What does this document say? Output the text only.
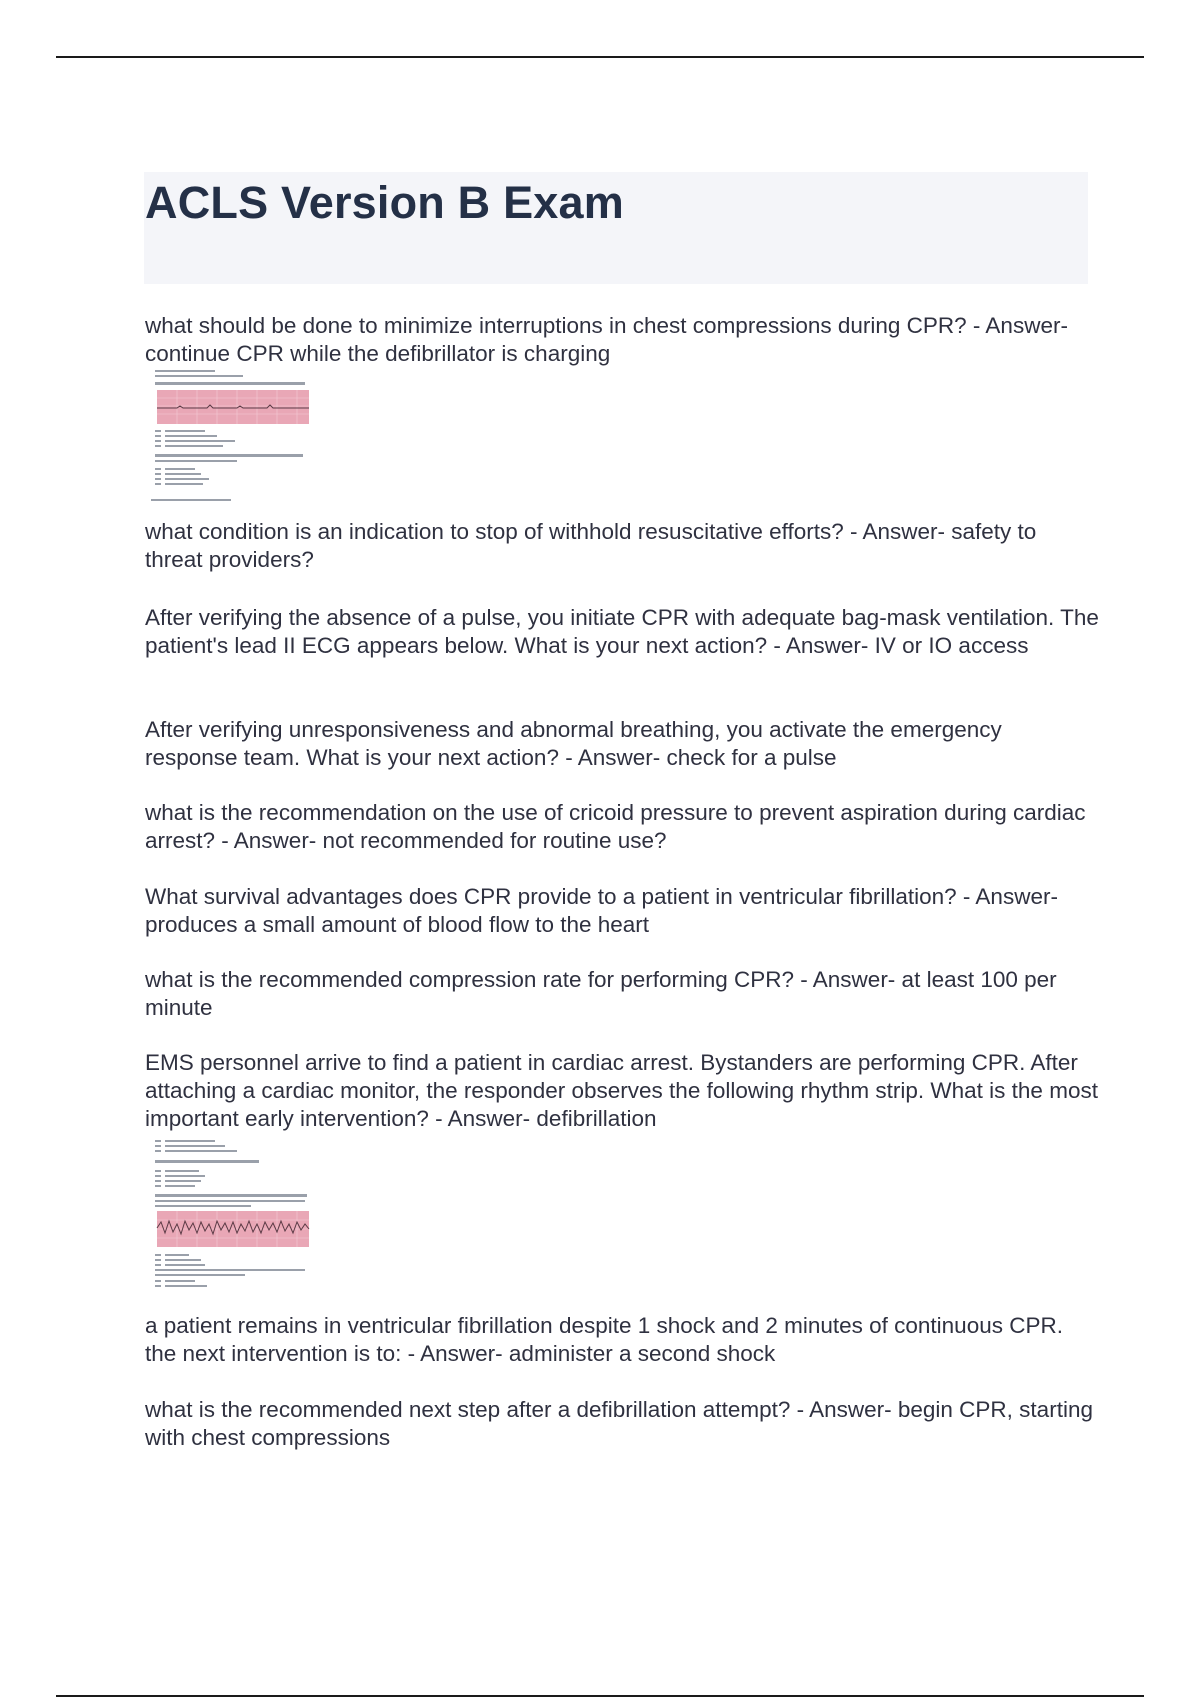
ACLS Version B Exam

what should be done to minimize interruptions in chest compressions during CPR? - Answer- continue CPR while the defibrillator is charging

what condition is an indication to stop of withhold resuscitative efforts? - Answer- safety to threat providers?

After verifying the absence of a pulse, you initiate CPR with adequate bag-mask ventilation. The patient's lead II ECG appears below. What is your next action? - Answer- IV or IO access

After verifying unresponsiveness and abnormal breathing, you activate the emergency response team. What is your next action? - Answer- check for a pulse

what is the recommendation on the use of cricoid pressure to prevent aspiration during cardiac arrest? - Answer- not recommended for routine use?

What survival advantages does CPR provide to a patient in ventricular fibrillation? - Answer- produces a small amount of blood flow to the heart

what is the recommended compression rate for performing CPR? - Answer- at least 100 per minute

EMS personnel arrive to find a patient in cardiac arrest. Bystanders are performing CPR. After attaching a cardiac monitor, the responder observes the following rhythm strip. What is the most important early intervention? - Answer- defibrillation

a patient remains in ventricular fibrillation despite 1 shock and 2 minutes of continuous CPR. the next intervention is to: - Answer- administer a second shock

what is the recommended next step after a defibrillation attempt? - Answer- begin CPR, starting with chest compressions
